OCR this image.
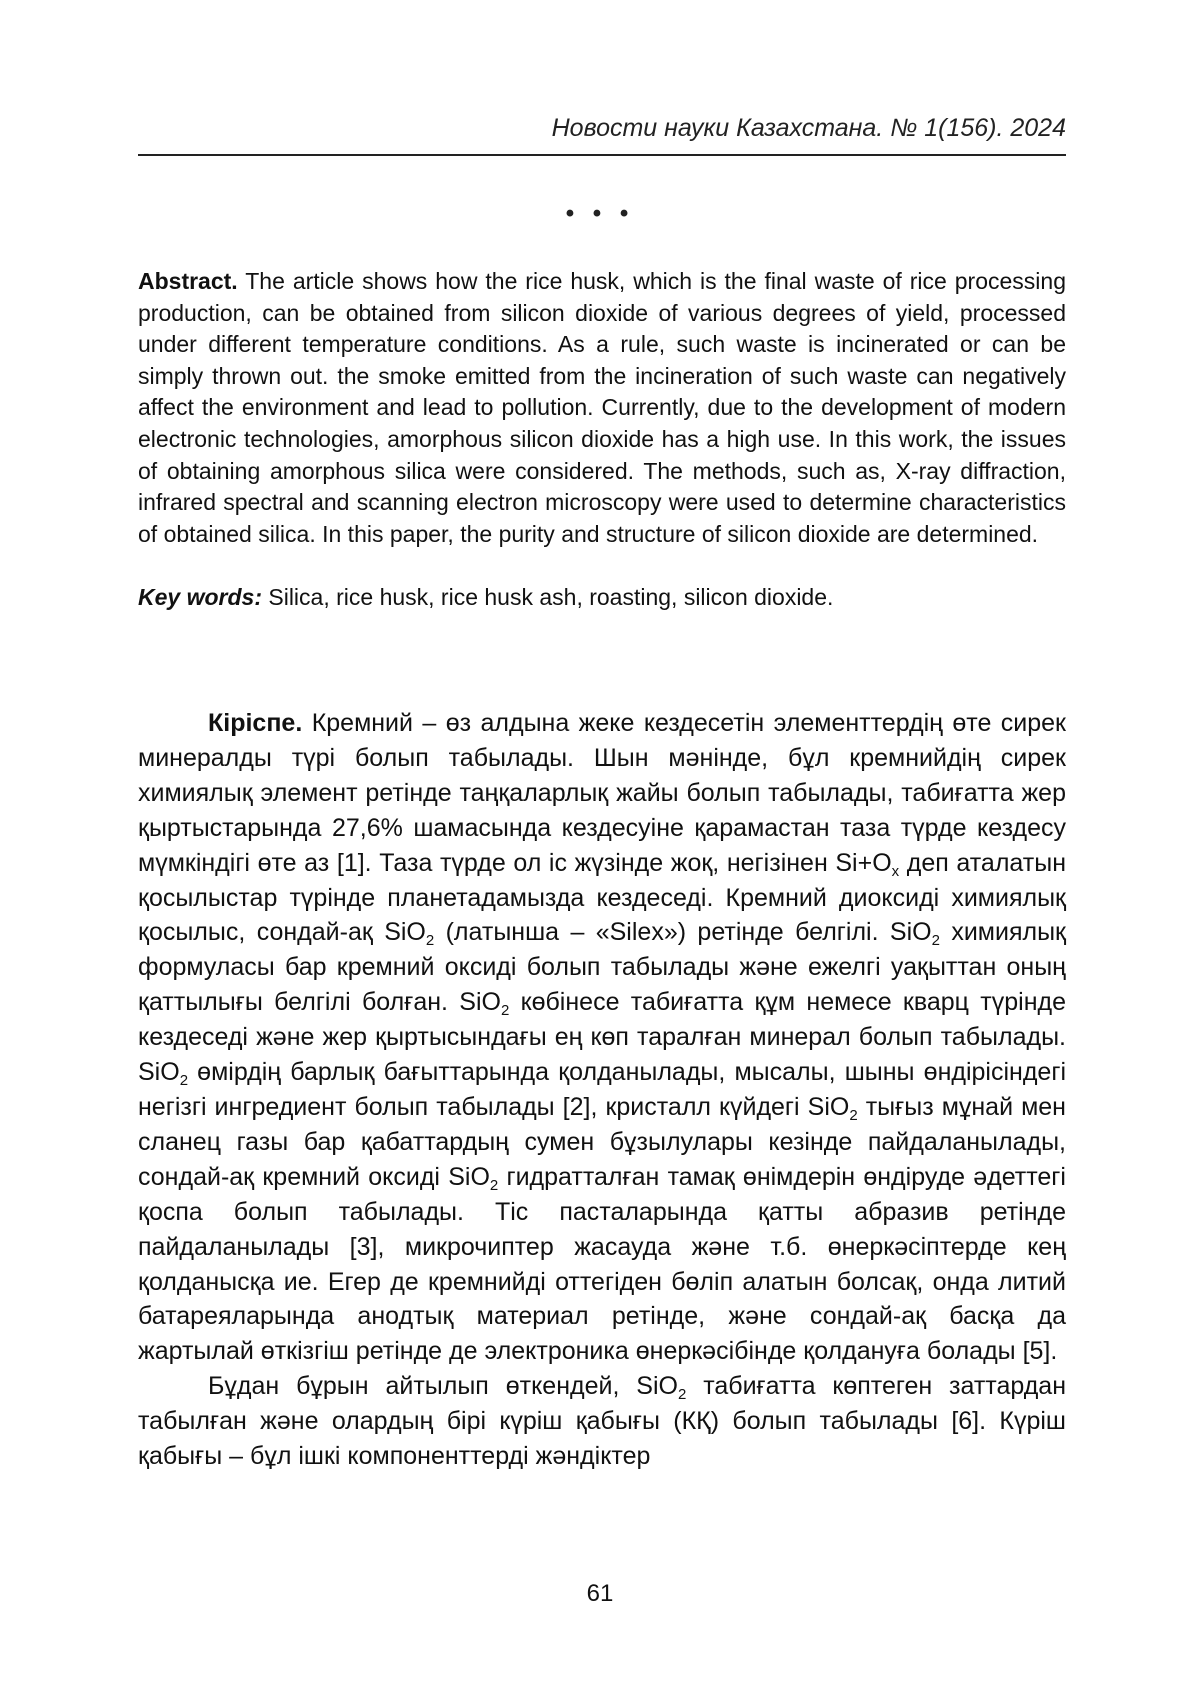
Новости науки Казахстана. № 1(156). 2024
• • •

Abstract. The article shows how the rice husk, which is the final waste of rice processing production, can be obtained from silicon dioxide of various degrees of yield, processed under different temperature conditions. As a rule, such waste is incinerated or can be simply thrown out. the smoke emitted from the incineration of such waste can negatively affect the environment and lead to pollution. Currently, due to the development of modern electronic technologies, amorphous silicon dioxide has a high use. In this work, the issues of obtaining amorphous silica were considered. The methods, such as, X-ray diffraction, infrared spectral and scanning electron microscopy were used to determine characteristics of obtained silica. In this paper, the purity and structure of silicon dioxide are determined.

Key words: Silica, rice husk, rice husk ash, roasting, silicon dioxide.

Кіріспе. Кремний – өз алдына жеке кездесетін элементтердің өте сирек минералды түрі болып табылады. Шын мәнінде, бұл кремнийдің сирек химиялық элемент ретінде таңқаларлық жайы болып табылады, табиғатта жер қыртыстарында 27,6% шамасында кездесуіне қарамастан таза түрде кездесу мүмкіндігі өте аз [1]. Таза түрде ол іс жүзінде жоқ, негізінен $Si+O_x$ деп аталатын қосылыстар түрінде планетадамызда кездеседі. Кремний диоксиді химиялық қосылыс, сондай-ақ SiO$_2$ (латынша – «Silex») ретінде белгілі. SiO$_2$ химиялық формуласы бар кремний оксиді болып табылады және ежелгі уақыттан оның қаттылығы белгілі болған. SiO$_2$ көбінесе табиғатта құм немесе кварц түрінде кездеседі және жер қыртысындағы ең көп таралған минерал болып табылады. SiO$_2$ өмірдің барлық бағыттарында қолданылады, мысалы, шыны өндірісіндегі негізгі ингредиент болып табылады [2], кристалл күйдегі SiO$_2$ тығыз мұнай мен сланец газы бар қабаттардың сумен бұзылулары кезінде пайдаланылады, сондай-ақ кремний оксиді SiO$_2$ гидратталған тамақ өнімдерін өндіруде әдеттегі қоспа болып табылады. Тіс пасталарында қатты абразив ретінде пайдаланылады [3], микрочиптер жасауда және т.б. өнеркәсіптерде кең қолданысқа ие. Егер де кремнийді оттегіден бөліп алатын болсақ, онда литий батареяларында анодтық материал ретінде, және сондай-ақ басқа да жартылай өткізгіш ретінде де электроника өнеркәсібінде қолдануға болады [5].

Бұдан бұрын айтылып өткендей, SiO$_2$ табиғатта көптеген заттардан табылған және олардың бірі күріш қабығы (КҚ) болып табылады [6]. Күріш қабығы – бұл ішкі компоненттерді жәндіктер

61
